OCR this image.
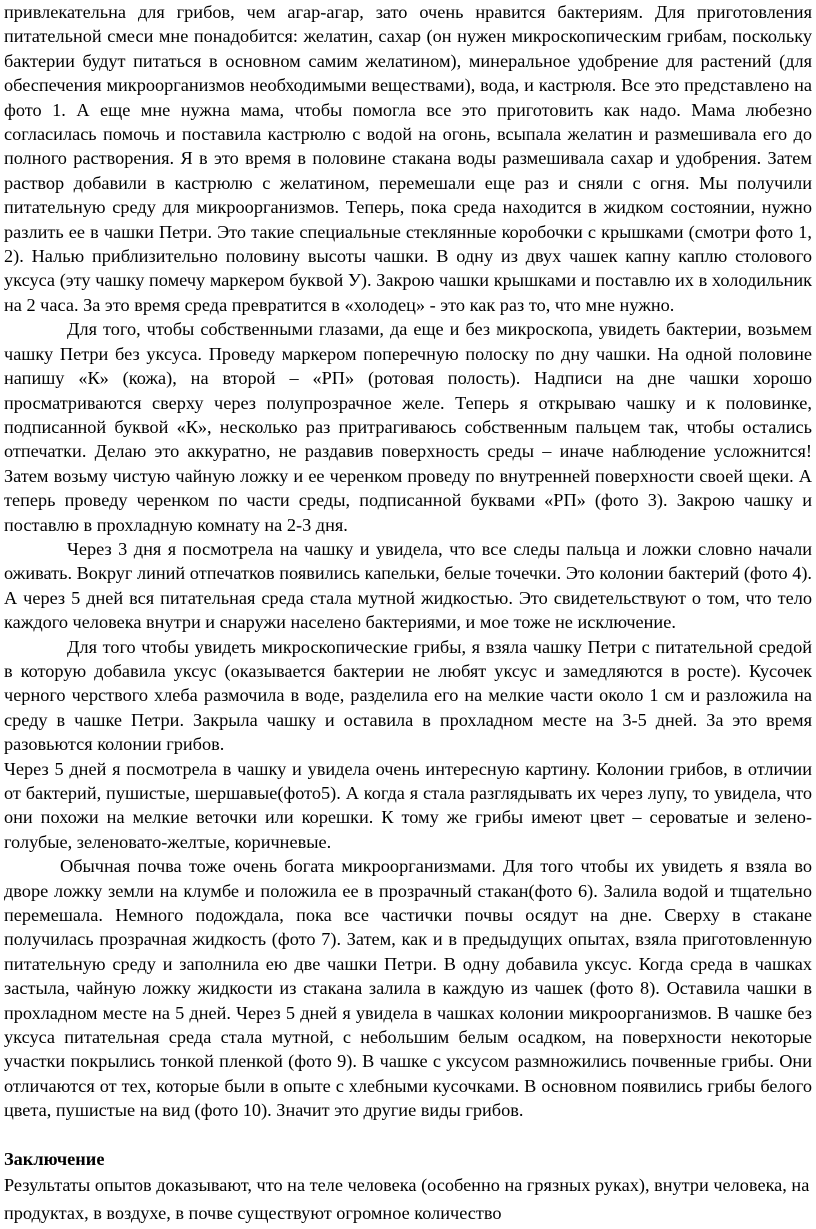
привлекательна для грибов, чем агар-агар, зато очень нравится бактериям. Для приготовления питательной смеси мне понадобится: желатин, сахар (он нужен микроскопическим грибам, поскольку бактерии будут питаться в основном самим желатином), минеральное удобрение для растений (для обеспечения микроорганизмов необходимыми веществами), вода, и кастрюля. Все это представлено на фото 1. А еще мне нужна мама, чтобы помогла все это приготовить как надо. Мама любезно согласилась помочь и поставила кастрюлю с водой на огонь, всыпала желатин и размешивала его до полного растворения. Я в это время в половине стакана воды размешивала сахар и удобрения. Затем раствор добавили в кастрюлю с желатином, перемешали еще раз и сняли с огня. Мы получили питательную среду для микроорганизмов. Теперь, пока среда находится в жидком состоянии, нужно разлить ее в чашки Петри. Это такие специальные стеклянные коробочки с крышками (смотри фото 1, 2). Налью приблизительно половину высоты чашки. В одну из двух чашек капну каплю столового уксуса (эту чашку помечу маркером буквой У). Закрою чашки крышками и поставлю их в холодильник на 2 часа. За это время среда превратится в «холодец» - это как раз то, что мне нужно.

Для того, чтобы собственными глазами, да еще и без микроскопа, увидеть бактерии, возьмем чашку Петри без уксуса. Проведу маркером поперечную полоску по дну чашки. На одной половине напишу «К» (кожа), на второй – «РП» (ротовая полость). Надписи на дне чашки хорошо просматриваются сверху через полупрозрачное желе. Теперь я открываю чашку и к половинке, подписанной буквой «К», несколько раз притрагиваюсь собственным пальцем так, чтобы остались отпечатки. Делаю это аккуратно, не раздавив поверхность среды – иначе наблюдение усложнится! Затем возьму чистую чайную ложку и ее черенком проведу по внутренней поверхности своей щеки. А теперь проведу черенком по части среды, подписанной буквами «РП» (фото 3). Закрою чашку и поставлю в прохладную комнату на 2-3 дня.

Через 3 дня я посмотрела на чашку и увидела, что все следы пальца и ложки словно начали оживать. Вокруг линий отпечатков появились капельки, белые точечки. Это колонии бактерий (фото 4). А через 5 дней вся питательная среда стала мутной жидкостью. Это свидетельствуют о том, что тело каждого человека внутри и снаружи населено бактериями, и мое тоже не исключение.

Для того чтобы увидеть микроскопические грибы, я взяла чашку Петри с питательной средой в которую добавила уксус (оказывается бактерии не любят уксус и замедляются в росте). Кусочек черного черствого хлеба размочила в воде, разделила его на мелкие части около 1 см и разложила на среду в чашке Петри. Закрыла чашку и оставила в прохладном месте на 3-5 дней. За это время разовьются колонии грибов.

Через 5 дней я посмотрела в чашку и увидела очень интересную картину. Колонии грибов, в отличии от бактерий, пушистые, шершавые(фото5). А когда я стала разглядывать их через лупу, то увидела, что они похожи на мелкие веточки или корешки. К тому же грибы имеют цвет – сероватые и зелено-голубые, зеленовато-желтые, коричневые.

Обычная почва тоже очень богата микроорганизмами. Для того чтобы их увидеть я взяла во дворе ложку земли на клумбе и положила ее в прозрачный стакан(фото 6). Залила водой и тщательно перемешала. Немного подождала, пока все частички почвы осядут на дне. Сверху в стакане получилась прозрачная жидкость (фото 7). Затем, как и в предыдущих опытах, взяла приготовленную питательную среду и заполнила ею две чашки Петри. В одну добавила уксус. Когда среда в чашках застыла, чайную ложку жидкости из стакана залила в каждую из чашек (фото 8). Оставила чашки в прохладном месте на 5 дней. Через 5 дней я увидела в чашках колонии микроорганизмов. В чашке без уксуса питательная среда стала мутной, с небольшим белым осадком, на поверхности некоторые участки покрылись тонкой пленкой (фото 9). В чашке с уксусом размножились почвенные грибы. Они отличаются от тех, которые были в опыте с хлебными кусочками. В основном появились грибы белого цвета, пушистые на вид (фото 10). Значит это другие виды грибов.

Заключение

Результаты опытов доказывают, что на теле человека (особенно на грязных руках), внутри человека, на продуктах, в воздухе, в почве существуют огромное количество
